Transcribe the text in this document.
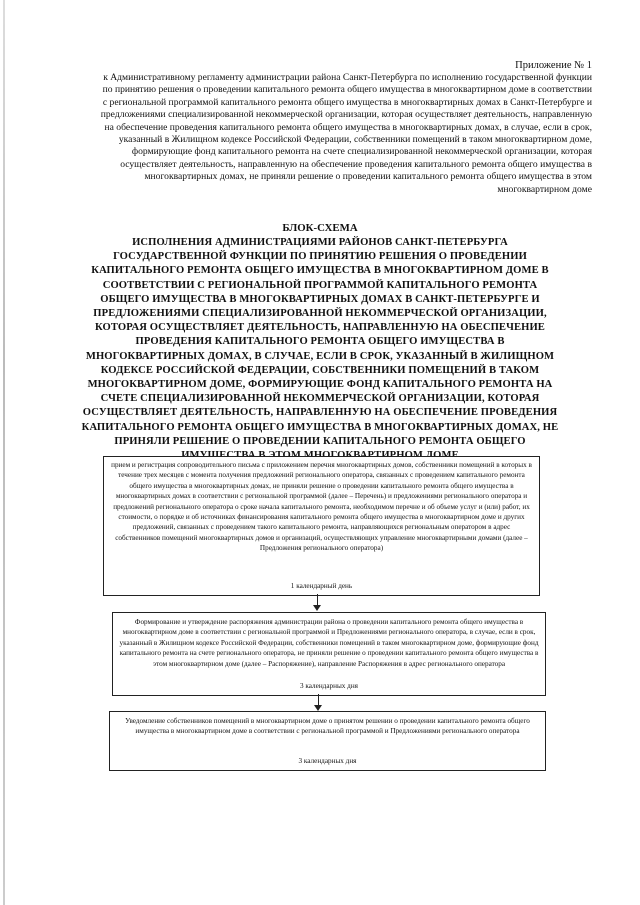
Приложение № 1
к Административному регламенту администрации района Санкт-Петербурга по исполнению государственной функции по принятию решения о проведении капитального ремонта общего имущества в многоквартирном доме в соответствии с региональной программой капитального ремонта общего имущества в многоквартирных домах в Санкт-Петербурге и предложениями специализированной некоммерческой организации, которая осуществляет деятельность, направленную на обеспечение проведения капитального ремонта общего имущества в многоквартирных домах, в случае, если в срок, указанный в Жилищном кодексе Российской Федерации, собственники помещений в таком многоквартирном доме, формирующие фонд капитального ремонта на счете специализированной некоммерческой организации, которая осуществляет деятельность, направленную на обеспечение проведения капитального ремонта общего имущества в многоквартирных домах, не приняли решение о проведении капитального ремонта общего имущества в этом многоквартирном доме
БЛОК-СХЕМА
ИСПОЛНЕНИЯ АДМИНИСТРАЦИЯМИ РАЙОНОВ САНКТ-ПЕТЕРБУРГА ГОСУДАРСТВЕННОЙ ФУНКЦИИ ПО ПРИНЯТИЮ РЕШЕНИЯ О ПРОВЕДЕНИИ КАПИТАЛЬНОГО РЕМОНТА ОБЩЕГО ИМУЩЕСТВА В МНОГОКВАРТИРНОМ ДОМЕ В СООТВЕТСТВИИ С РЕГИОНАЛЬНОЙ ПРОГРАММОЙ КАПИТАЛЬНОГО РЕМОНТА ОБЩЕГО ИМУЩЕСТВА В МНОГОКВАРТИРНЫХ ДОМАХ В САНКТ-ПЕТЕРБУРГЕ И ПРЕДЛОЖЕНИЯМИ СПЕЦИАЛИЗИРОВАННОЙ НЕКОММЕРЧЕСКОЙ ОРГАНИЗАЦИИ, КОТОРАЯ ОСУЩЕСТВЛЯЕТ ДЕЯТЕЛЬНОСТЬ, НАПРАВЛЕННУЮ НА ОБЕСПЕЧЕНИЕ ПРОВЕДЕНИЯ КАПИТАЛЬНОГО РЕМОНТА ОБЩЕГО ИМУЩЕСТВА В МНОГОКВАРТИРНЫХ ДОМАХ, В СЛУЧАЕ, ЕСЛИ В СРОК, УКАЗАННЫЙ В ЖИЛИЩНОМ КОДЕКСЕ РОССИЙСКОЙ ФЕДЕРАЦИИ, СОБСТВЕННИКИ ПОМЕЩЕНИЙ В ТАКОМ МНОГОКВАРТИРНОМ ДОМЕ, ФОРМИРУЮЩИЕ ФОНД КАПИТАЛЬНОГО РЕМОНТА НА СЧЕТЕ СПЕЦИАЛИЗИРОВАННОЙ НЕКОММЕРЧЕСКОЙ ОРГАНИЗАЦИИ, КОТОРАЯ ОСУЩЕСТВЛЯЕТ ДЕЯТЕЛЬНОСТЬ, НАПРАВЛЕННУЮ НА ОБЕСПЕЧЕНИЕ ПРОВЕДЕНИЯ КАПИТАЛЬНОГО РЕМОНТА ОБЩЕГО ИМУЩЕСТВА В МНОГОКВАРТИРНЫХ ДОМАХ, НЕ ПРИНЯЛИ РЕШЕНИЕ О ПРОВЕДЕНИИ КАПИТАЛЬНОГО РЕМОНТА ОБЩЕГО
прием и регистрация сопроводительного письма с приложением перечня многоквартирных домов, собственники помещений в которых в течение трех месяцев с момента получения предложений регионального оператора, связанных с проведением капитального ремонта общего имущества в многоквартирных домах, не приняли решение о проведении капитального ремонта общего имущества в многоквартирных домах в соответствии с региональной программой (далее – Перечень) и предложениями регионального оператора и предложений регионального оператора о сроке начала капитального ремонта, необходимом перечне и об объеме услуг и (или) работ, их стоимости, о порядке и об источниках финансирования капитального ремонта общего имущества в многоквартирном доме и других предложений, связанных с проведением такого капитального ремонта, направляющихся региональным оператором в адрес собственников помещений многоквартирных домов и организаций, осуществляющих управление многоквартирными домами (далее – Предложения регионального оператора)
1 календарный день
Формирование и утверждение распоряжения администрации района о проведении капитального ремонта общего имущества в многоквартирном доме в соответствии с региональной программой и Предложениями регионального оператора, в случае, если в срок, указанный в Жилищном кодексе Российской Федерации, собственники помещений в таком многоквартирном доме, формирующие фонд капитального ремонта на счете регионального оператора, не приняли решение о проведении капитального ремонта общего имущества в этом многоквартирном доме (далее – Распоряжение), направление Распоряжения в адрес регионального оператора
3 календарных дня
Уведомление собственников помещений в многоквартирном доме о принятом решении о проведении капитального ремонта общего имущества в многоквартирном доме в соответствии с региональной программой и Предложениями регионального оператора
3 календарных дня
